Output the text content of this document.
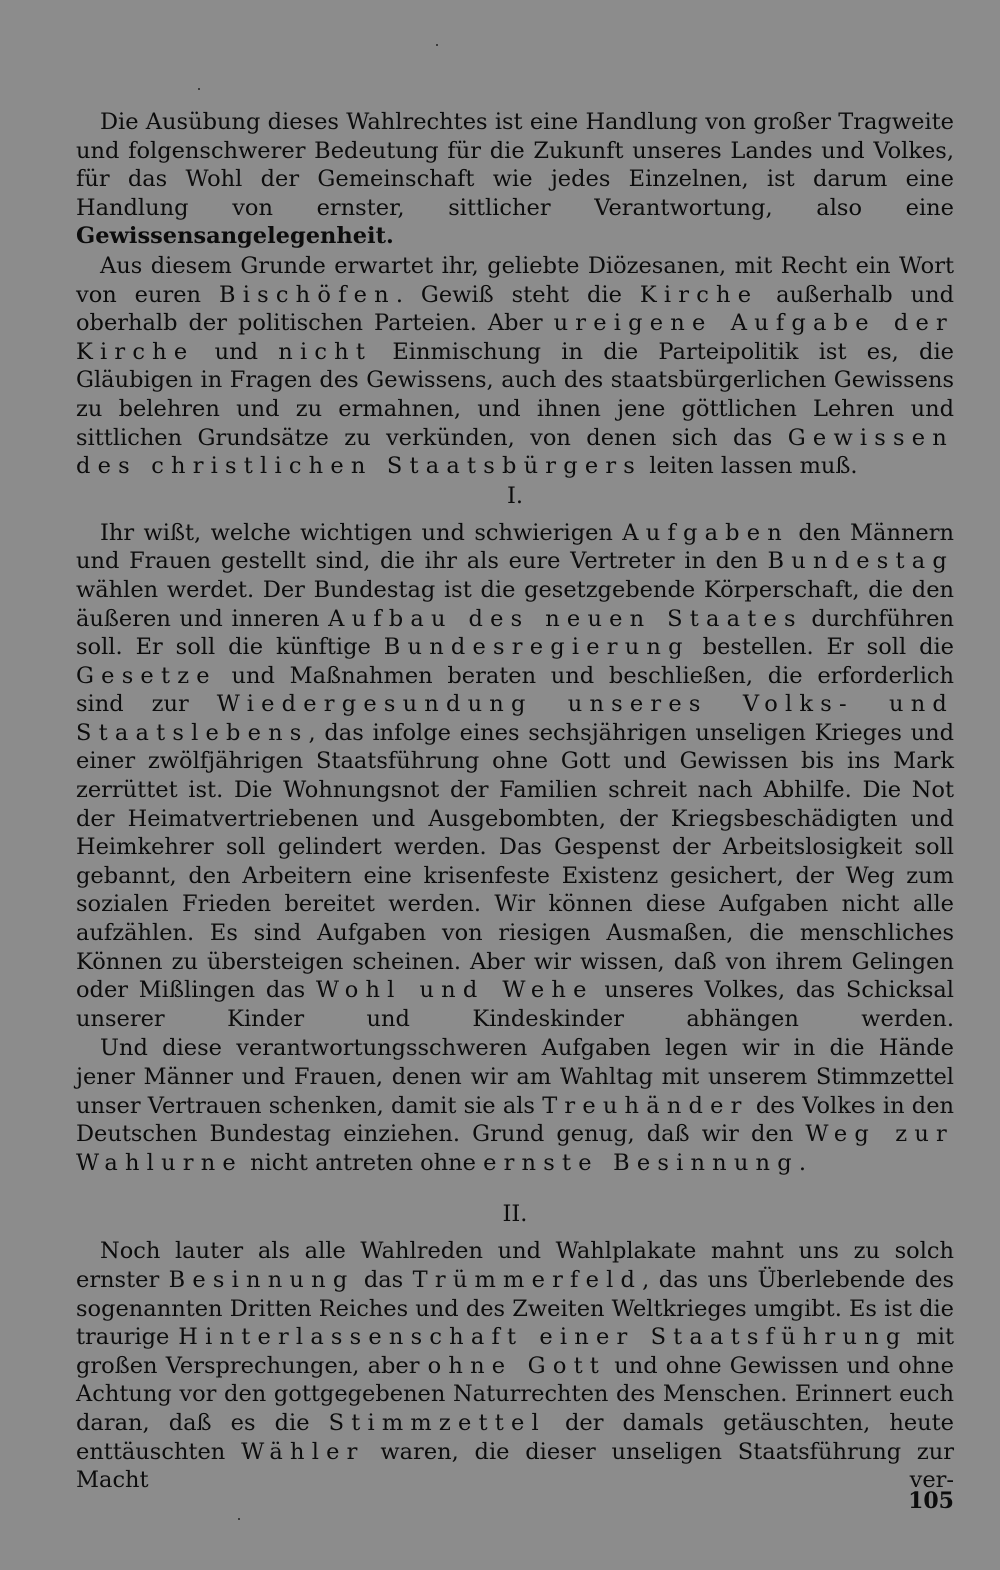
Die Ausübung dieses Wahlrechtes ist eine Handlung von großer Tragweite und folgenschwerer Bedeutung für die Zukunft unseres Landes und Volkes, für das Wohl der Gemeinschaft wie jedes Einzelnen, ist darum eine Handlung von ernster, sittlicher Verantwortung, also eine Gewissensangelegenheit.

Aus diesem Grunde erwartet ihr, geliebte Diözesanen, mit Recht ein Wort von euren Bischöfen. Gewiß steht die Kirche außerhalb und oberhalb der politischen Parteien. Aber ureigene Aufgabe der Kirche und nicht Einmischung in die Parteipolitik ist es, die Gläubigen in Fragen des Gewissens, auch des staatsbürgerlichen Gewissens zu belehren und zu ermahnen, und ihnen jene göttlichen Lehren und sittlichen Grundsätze zu verkünden, von denen sich das Gewissen des christlichen Staatsbürgers leiten lassen muß.

I.

Ihr wißt, welche wichtigen und schwierigen Aufgaben den Männern und Frauen gestellt sind, die ihr als eure Vertreter in den Bundestag wählen werdet. Der Bundestag ist die gesetzgebende Körperschaft, die den äußeren und inneren Aufbau des neuen Staates durchführen soll. Er soll die künftige Bundesregierung bestellen. Er soll die Gesetze und Maßnahmen beraten und beschließen, die erforderlich sind zur Wiedergesundung unseres Volks- und Staatslebens, das infolge eines sechsjährigen unseligen Krieges und einer zwölfjährigen Staatsführung ohne Gott und Gewissen bis ins Mark zerrüttet ist. Die Wohnungsnot der Familien schreit nach Abhilfe. Die Not der Heimatvertriebenen und Ausgebombten, der Kriegsbeschädigten und Heimkehrer soll gelindert werden. Das Gespenst der Arbeitslosigkeit soll gebannt, den Arbeitern eine krisenfeste Existenz gesichert, der Weg zum sozialen Frieden bereitet werden. Wir können diese Aufgaben nicht alle aufzählen. Es sind Aufgaben von riesigen Ausmaßen, die menschliches Können zu übersteigen scheinen. Aber wir wissen, daß von ihrem Gelingen oder Mißlingen das Wohl und Wehe unseres Volkes, das Schicksal unserer Kinder und Kindeskinder abhängen werden.

Und diese verantwortungsschweren Aufgaben legen wir in die Hände jener Männer und Frauen, denen wir am Wahltag mit unserem Stimmzettel unser Vertrauen schenken, damit sie als Treuhänder des Volkes in den Deutschen Bundestag einziehen. Grund genug, daß wir den Weg zur Wahlurne nicht antreten ohne ernste Besinnung.

II.

Noch lauter als alle Wahlreden und Wahlplakate mahnt uns zu solch ernster Besinnung das Trümmerfeld, das uns Überlebende des sogenannten Dritten Reiches und des Zweiten Weltkrieges umgibt. Es ist die traurige Hinterlassenschaft einer Staatsführung mit großen Versprechungen, aber ohne Gott und ohne Gewissen und ohne Achtung vor den gottgegebenen Naturrechten des Menschen. Erinnert euch daran, daß es die Stimmzettel der damals getäuschten, heute enttäuschten Wähler waren, die dieser unseligen Staatsführung zur Macht ver-

105
